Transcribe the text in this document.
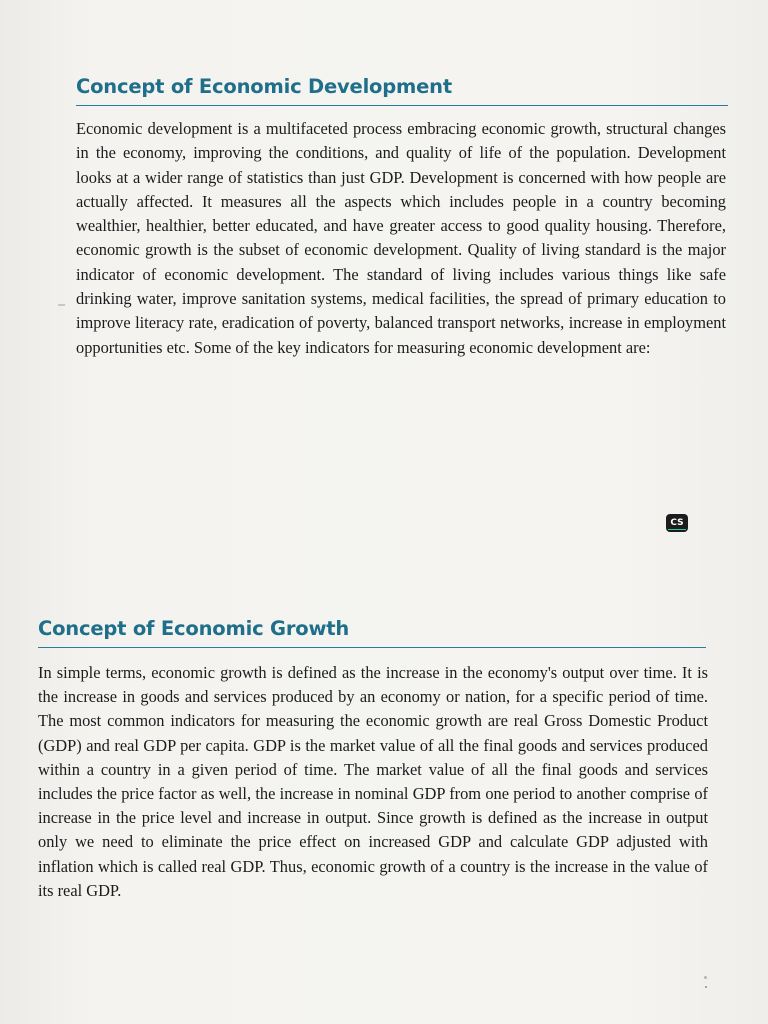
Concept of Economic Development

Economic development is a multifaceted process embracing economic growth, structural changes in the economy, improving the conditions, and quality of life of the population. Development looks at a wider range of statistics than just GDP. Development is concerned with how people are actually affected. It measures all the aspects which includes people in a country becoming wealthier, healthier, better educated, and have greater access to good quality housing. Therefore, economic growth is the subset of economic development. Quality of living standard is the major indicator of economic development. The standard of living includes various things like safe drinking water, improve sanitation systems, medical facilities, the spread of primary education to improve literacy rate, eradication of poverty, balanced transport networks, increase in employment opportunities etc. Some of the key indicators for measuring economic development are:

CS
Concept of Economic Growth

In simple terms, economic growth is defined as the increase in the economy's output over time. It is the increase in goods and services produced by an economy or nation, for a specific period of time. The most common indicators for measuring the economic growth are real Gross Domestic Product (GDP) and real GDP per capita. GDP is the market value of all the final goods and services produced within a country in a given period of time. The market value of all the final goods and services includes the price factor as well, the increase in nominal GDP from one period to another comprise of increase in the price level and increase in output. Since growth is defined as the increase in output only we need to eliminate the price effect on increased GDP and calculate GDP adjusted with inflation which is called real GDP. Thus, economic growth of a country is the increase in the value of its real GDP.
